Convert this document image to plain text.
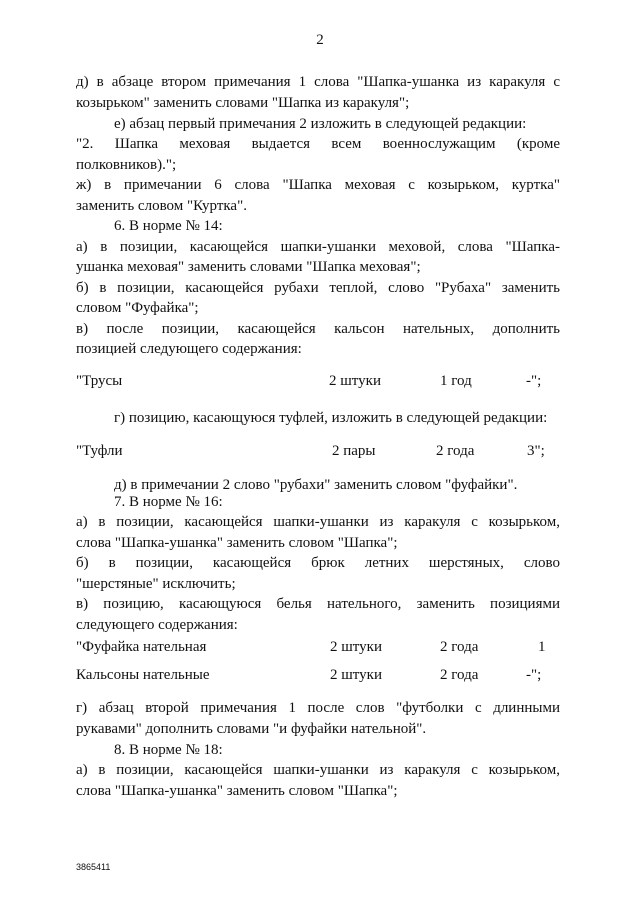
2
д) в абзаце втором примечания 1 слова "Шапка-ушанка из каракуля с
козырьком" заменить словами "Шапка из каракуля";
е) абзац первый примечания 2 изложить в следующей редакции:
"2. Шапка меховая выдается всем военнослужащим (кроме
полковников).";
ж) в примечании 6 слова "Шапка меховая с козырьком, куртка"
заменить словом "Куртка".
6. В норме № 14:
а) в позиции, касающейся шапки-ушанки меховой, слова "Шапка-
ушанка меховая" заменить словами "Шапка меховая";
б) в позиции, касающейся рубахи теплой, слово "Рубаха" заменить
словом "Фуфайка";
в) после позиции, касающейся кальсон нательных, дополнить
позицией следующего содержания:
"Трусы	2 штуки	1 год	-";
г) позицию, касающуюся туфлей, изложить в следующей редакции:
"Туфли	2 пары	2 года	3";
д) в примечании 2 слово "рубахи" заменить словом "фуфайки".
7. В норме № 16:
а) в позиции, касающейся шапки-ушанки из каракуля с козырьком,
слова "Шапка-ушанка" заменить словом "Шапка";
б) в позиции, касающейся брюк летних шерстяных, слово
"шерстяные" исключить;
в) позицию, касающуюся белья нательного, заменить позициями
следующего содержания:
"Фуфайка нательная	2 штуки	2 года	1
Кальсоны нательные	2 штуки	2 года	-";
г) абзац второй примечания 1 после слов "футболки с длинными
рукавами" дополнить словами "и фуфайки нательной".
8. В норме № 18:
а) в позиции, касающейся шапки-ушанки из каракуля с козырьком,
слова "Шапка-ушанка" заменить словом "Шапка";
3865411
